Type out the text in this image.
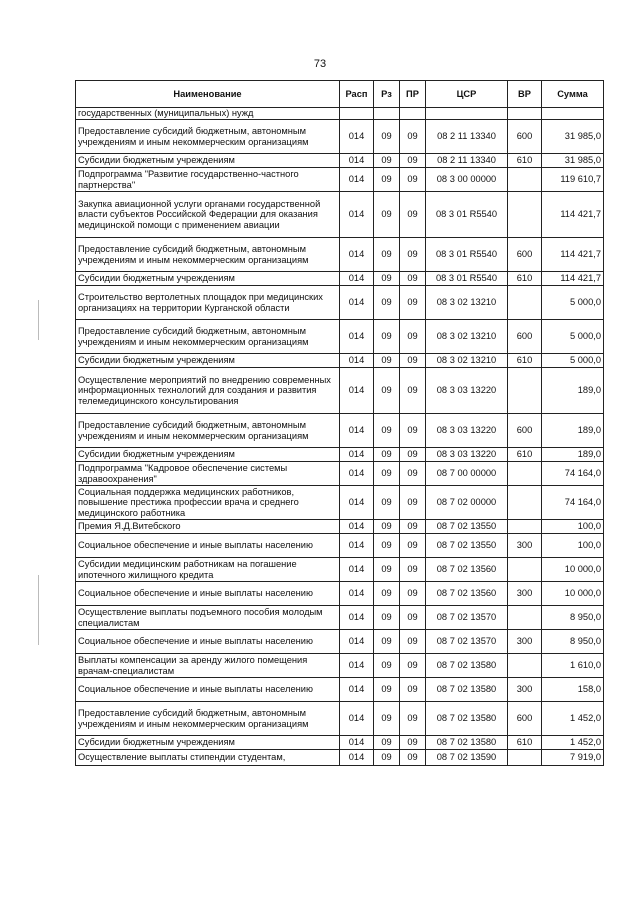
73
Наименование	Расп	Рз	ПР	ЦСР	ВР	Сумма
государственных (муниципальных) нужд						
Предоставление субсидий бюджетным, автономным учреждениям и иным некоммерческим организациям	014	09	09	08 2 11 13340	600	31 985,0
Субсидии бюджетным учреждениям	014	09	09	08 2 11 13340	610	31 985,0
Подпрограмма "Развитие государственно-частного партнерства"	014	09	09	08 3 00 00000		119 610,7
Закупка авиационной услуги органами государственной власти субъектов Российской Федерации для оказания медицинской помощи с применением авиации	014	09	09	08 3 01 R5540		114 421,7
Предоставление субсидий бюджетным, автономным учреждениям и иным некоммерческим организациям	014	09	09	08 3 01 R5540	600	114 421,7
Субсидии бюджетным учреждениям	014	09	09	08 3 01 R5540	610	114 421,7
Строительство вертолетных площадок при медицинских организациях на территории Курганской области	014	09	09	08 3 02 13210		5 000,0
Предоставление субсидий бюджетным, автономным учреждениям и иным некоммерческим организациям	014	09	09	08 3 02 13210	600	5 000,0
Субсидии бюджетным учреждениям	014	09	09	08 3 02 13210	610	5 000,0
Осуществление мероприятий по внедрению современных информационных технологий для создания и развития телемедицинского консультирования	014	09	09	08 3 03 13220		189,0
Предоставление субсидий бюджетным, автономным учреждениям и иным некоммерческим организациям	014	09	09	08 3 03 13220	600	189,0
Субсидии бюджетным учреждениям	014	09	09	08 3 03 13220	610	189,0
Подпрограмма "Кадровое обеспечение системы здравоохранения"	014	09	09	08 7 00 00000		74 164,0
Социальная поддержка медицинских работников, повышение престижа профессии врача и среднего медицинского работника	014	09	09	08 7 02 00000		74 164,0
Премия Я.Д.Витебского	014	09	09	08 7 02 13550		100,0
Социальное обеспечение и иные выплаты населению	014	09	09	08 7 02 13550	300	100,0
Субсидии медицинским работникам на погашение ипотечного жилищного кредита	014	09	09	08 7 02 13560		10 000,0
Социальное обеспечение и иные выплаты населению	014	09	09	08 7 02 13560	300	10 000,0
Осуществление выплаты подъемного пособия молодым специалистам	014	09	09	08 7 02 13570		8 950,0
Социальное обеспечение и иные выплаты населению	014	09	09	08 7 02 13570	300	8 950,0
Выплаты компенсации за аренду жилого помещения врачам-специалистам	014	09	09	08 7 02 13580		1 610,0
Социальное обеспечение и иные выплаты населению	014	09	09	08 7 02 13580	300	158,0
Предоставление субсидий бюджетным, автономным учреждениям и иным некоммерческим организациям	014	09	09	08 7 02 13580	600	1 452,0
Субсидии бюджетным учреждениям	014	09	09	08 7 02 13580	610	1 452,0
Осуществление выплаты стипендии студентам,	014	09	09	08 7 02 13590		7 919,0
